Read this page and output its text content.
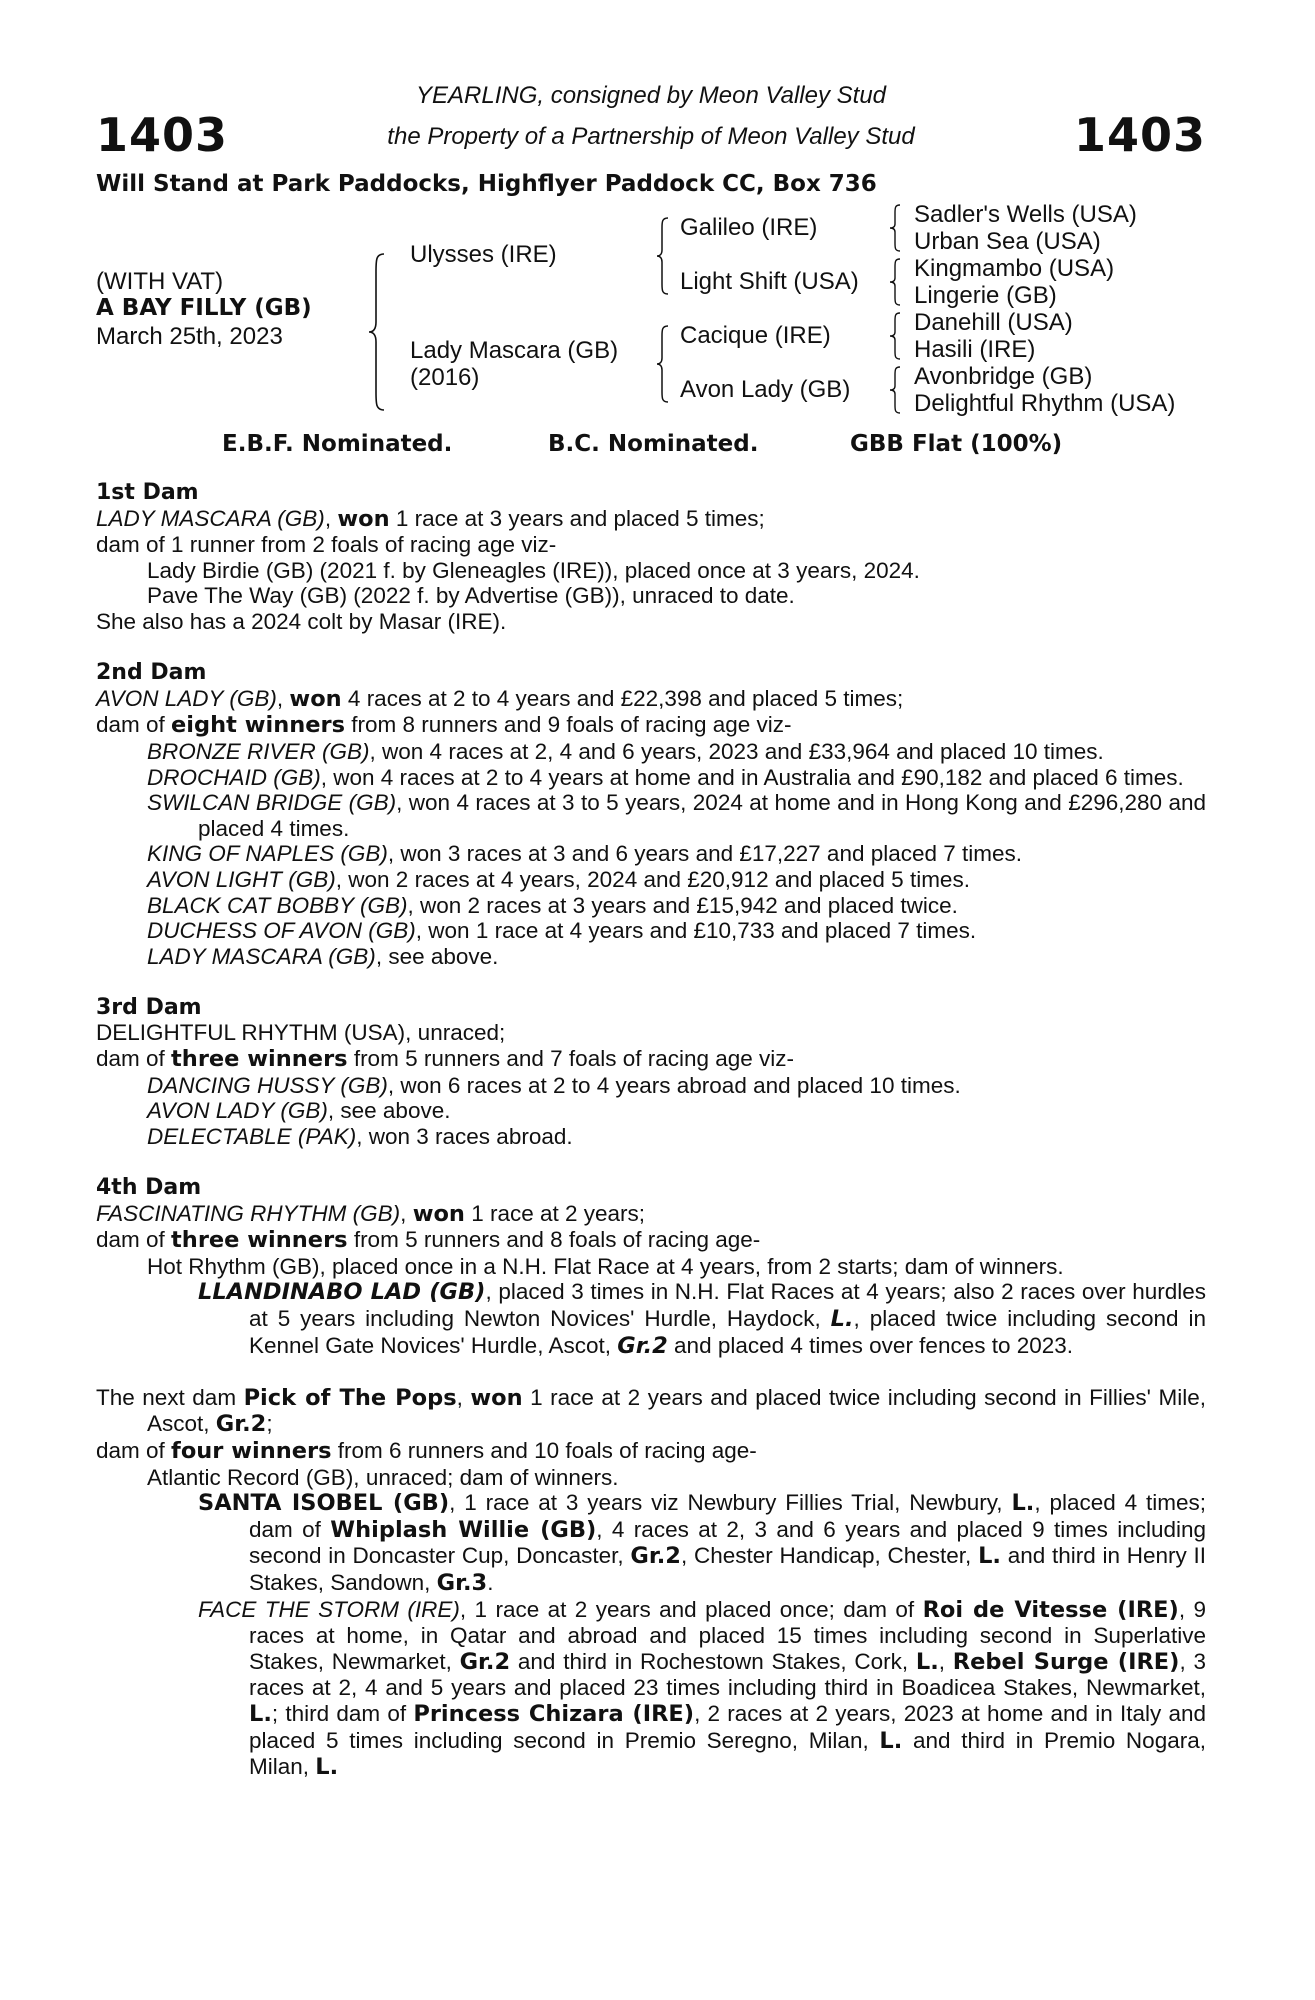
1403	1403
YEARLING, consigned by Meon Valley Stud
the Property of a Partnership of Meon Valley Stud
Will Stand at Park Paddocks, Highflyer Paddock CC, Box 736
(WITH VAT)
A BAY FILLY (GB)
March 25th, 2023
Ulysses (IRE)
Lady Mascara (GB)
(2016)
Galileo (IRE)
Light Shift (USA)
Cacique (IRE)
Avon Lady (GB)
Sadler's Wells (USA)
Urban Sea (USA)
Kingmambo (USA)
Lingerie (GB)
Danehill (USA)
Hasili (IRE)
Avonbridge (GB)
Delightful Rhythm (USA)
E.B.F. Nominated.	B.C. Nominated.	GBB Flat (100%)
1st Dam

LADY MASCARA (GB), won 1 race at 3 years and placed 5 times;

dam of 1 runner from 2 foals of racing age viz-

Lady Birdie (GB) (2021 f. by Gleneagles (IRE)), placed once at 3 years, 2024.

Pave The Way (GB) (2022 f. by Advertise (GB)), unraced to date.

She also has a 2024 colt by Masar (IRE).

2nd Dam

AVON LADY (GB), won 4 races at 2 to 4 years and £22,398 and placed 5 times;

dam of eight winners from 8 runners and 9 foals of racing age viz-

BRONZE RIVER (GB), won 4 races at 2, 4 and 6 years, 2023 and £33,964 and placed 10 times.

DROCHAID (GB), won 4 races at 2 to 4 years at home and in Australia and £90,182 and placed 6 times.

SWILCAN BRIDGE (GB), won 4 races at 3 to 5 years, 2024 at home and in Hong Kong and £296,280 and placed 4 times.

KING OF NAPLES (GB), won 3 races at 3 and 6 years and £17,227 and placed 7 times.

AVON LIGHT (GB), won 2 races at 4 years, 2024 and £20,912 and placed 5 times.

BLACK CAT BOBBY (GB), won 2 races at 3 years and £15,942 and placed twice.

DUCHESS OF AVON (GB), won 1 race at 4 years and £10,733 and placed 7 times.

LADY MASCARA (GB), see above.

3rd Dam

DELIGHTFUL RHYTHM (USA), unraced;

dam of three winners from 5 runners and 7 foals of racing age viz-

DANCING HUSSY (GB), won 6 races at 2 to 4 years abroad and placed 10 times.

AVON LADY (GB), see above.

DELECTABLE (PAK), won 3 races abroad.

4th Dam

FASCINATING RHYTHM (GB), won 1 race at 2 years;

dam of three winners from 5 runners and 8 foals of racing age-

Hot Rhythm (GB), placed once in a N.H. Flat Race at 4 years, from 2 starts; dam of winners.

LLANDINABO LAD (GB), placed 3 times in N.H. Flat Races at 4 years; also 2 races over hurdles at 5 years including Newton Novices' Hurdle, Haydock, L., placed twice including second in Kennel Gate Novices' Hurdle, Ascot, Gr.2 and placed 4 times over fences to 2023.

The next dam Pick of The Pops, won 1 race at 2 years and placed twice including second in Fillies' Mile, Ascot, Gr.2;

dam of four winners from 6 runners and 10 foals of racing age-

Atlantic Record (GB), unraced; dam of winners.

SANTA ISOBEL (GB), 1 race at 3 years viz Newbury Fillies Trial, Newbury, L., placed 4 times; dam of Whiplash Willie (GB), 4 races at 2, 3 and 6 years and placed 9 times including second in Doncaster Cup, Doncaster, Gr.2, Chester Handicap, Chester, L. and third in Henry II Stakes, Sandown, Gr.3.

FACE THE STORM (IRE), 1 race at 2 years and placed once; dam of Roi de Vitesse (IRE), 9 races at home, in Qatar and abroad and placed 15 times including second in Superlative Stakes, Newmarket, Gr.2 and third in Rochestown Stakes, Cork, L., Rebel Surge (IRE), 3 races at 2, 4 and 5 years and placed 23 times including third in Boadicea Stakes, Newmarket, L.; third dam of Princess Chizara (IRE), 2 races at 2 years, 2023 at home and in Italy and placed 5 times including second in Premio Seregno, Milan, L. and third in Premio Nogara, Milan, L.
